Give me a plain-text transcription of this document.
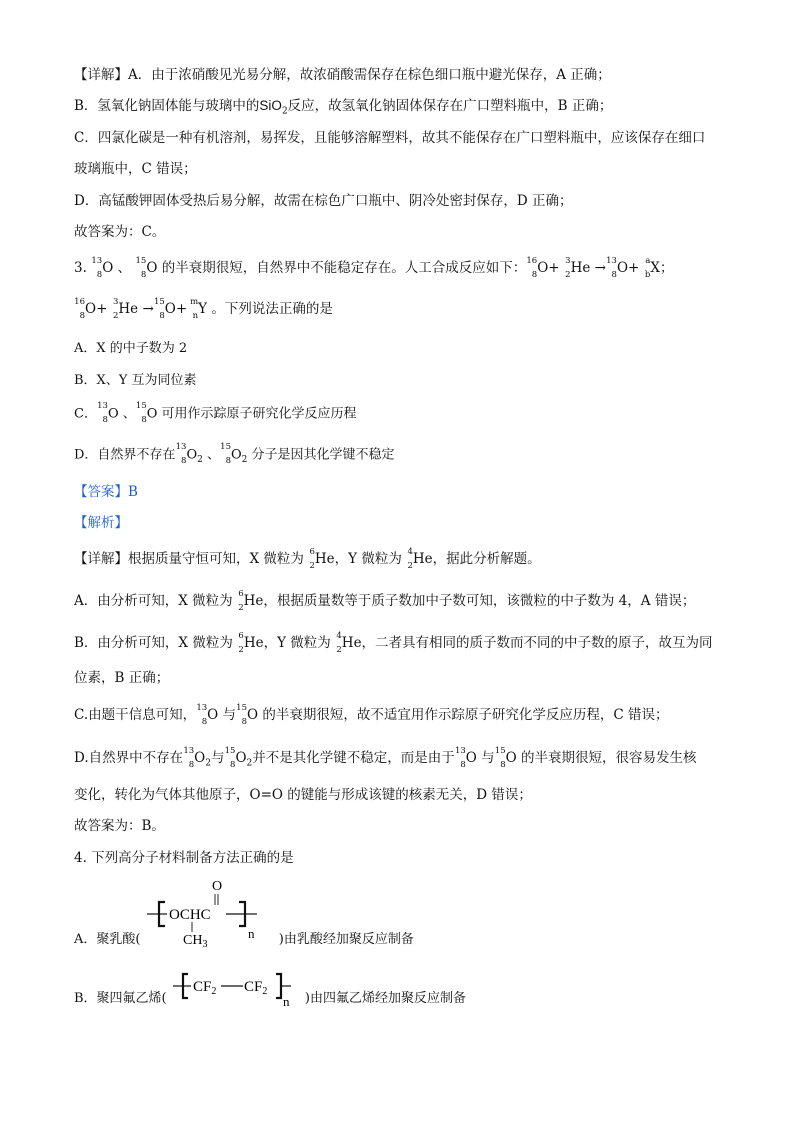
【详解】A．由于浓硝酸见光易分解，故浓硝酸需保存在棕色细口瓶中避光保存，A 正确；
B．氢氧化钠固体能与玻璃中的SiO$_2$反应，故氢氧化钠固体保存在广口塑料瓶中，B 正确；
C．四氯化碳是一种有机溶剂，易挥发，且能够溶解塑料，故其不能保存在广口塑料瓶中，应该保存在细口
玻璃瓶中，C 错误；
D．高锰酸钾固体受热后易分解，故需在棕色广口瓶中、阴冷处密封保存，D 正确；
故答案为：C。
3. 13
8 O 、 15
8 O 的半衰期很短，自然界中不能稳定存在。人工合成反应如下： 16
8 O+ 3
2 He → 13
8 O+ a
b X；
16
8 O+ 3
2 He → 15
8 O+ m
n Y 。下列说法正确的是
A．X 的中子数为 2
B．X、Y 互为同位素
C．
13
8 O 、
15
8 O 可用作示踪原子研究化学反应历程
D．自然界不存在
13
8 $O_2$ 、
15
8 $O_2$ 分子是因其化学键不稳定
【答案】B
【解析】
【详解】根据质量守恒可知，X 微粒为 6
2 He，Y 微粒为 4
2 He，据此分析解题。
A．由分析可知，X 微粒为 6
2 He，根据质量数等于质子数加中子数可知，该微粒的中子数为 4，A 错误；
B．由分析可知，X 微粒为 6
2 He，Y 微粒为 4
2 He，二者具有相同的质子数而不同的中子数的原子，故互为同
位素，B 正确；
C.由题干信息可知， 13
8 O 与 15
8 O 的半衰期很短，故不适宜用作示踪原子研究化学反应历程，C 错误；
D.自然界中不存在 13
8 $O_2$与 15
8 $O_2$并不是其化学键不稳定，而是由于 13
8 O 与 15
8 O 的半衰期很短，很容易发生核
变化，转化为气体其他原子，O=O 的键能与形成该键的核素无关，D 错误；
故答案为：B。
4. 下列高分子材料制备方法正确的是
A．聚乳酸(
OCHC
O
$CH_3$
n )由乳酸经加聚反应制备
B．聚四氟乙烯(
$CF_2$ $CF_2$
n )由四氟乙烯经加聚反应制备
